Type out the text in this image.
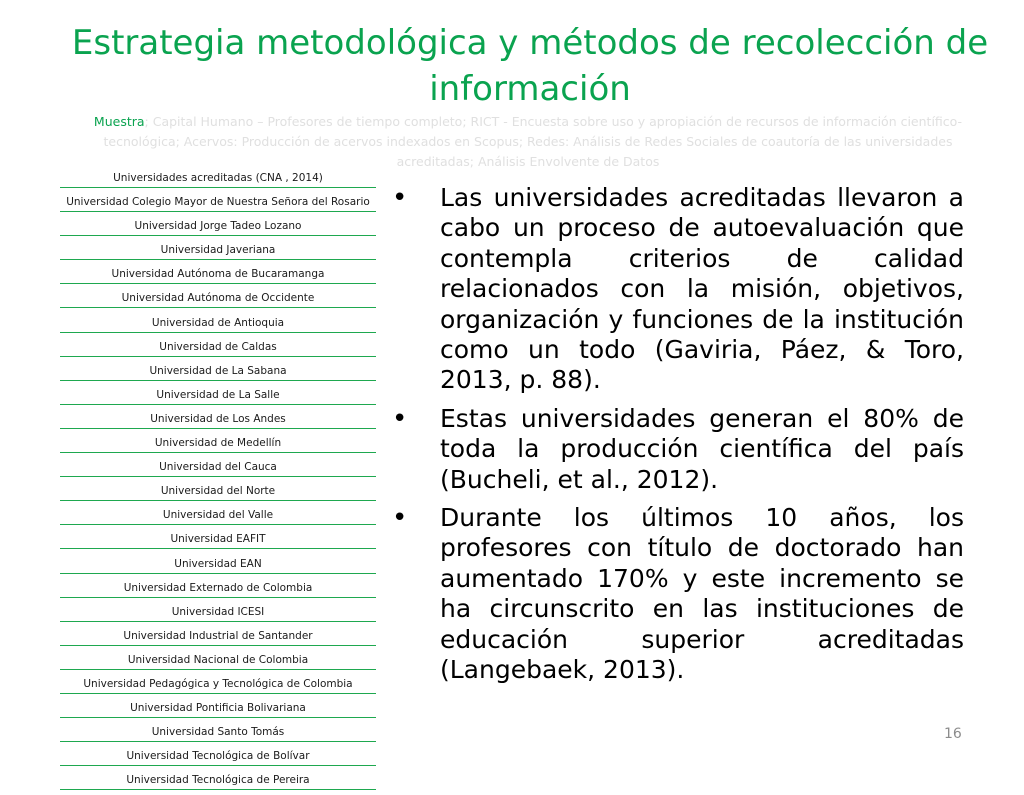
Estrategia metodológica y métodos de recolección de información
Muestra; Capital Humano – Profesores de tiempo completo; RICT - Encuesta sobre uso y apropiación de recursos de información científico-tecnológica; Acervos: Producción de acervos indexados en Scopus; Redes: Análisis de Redes Sociales de coautoría de las universidades acreditadas; Análisis Envolvente de Datos
Universidades acreditadas (CNA , 2014)
Universidad Colegio Mayor de Nuestra Señora del Rosario
Universidad Jorge Tadeo Lozano
Universidad Javeriana
Universidad Autónoma de Bucaramanga
Universidad Autónoma de Occidente
Universidad de Antioquia
Universidad de Caldas
Universidad de La Sabana
Universidad de La Salle
Universidad de Los Andes
Universidad de Medellín
Universidad del Cauca
Universidad del Norte
Universidad del Valle
Universidad EAFIT
Universidad EAN
Universidad Externado de Colombia
Universidad ICESI
Universidad Industrial de Santander
Universidad Nacional de Colombia
Universidad Pedagógica y Tecnológica de Colombia
Universidad Pontificia Bolivariana
Universidad Santo Tomás
Universidad Tecnológica de Bolívar
Universidad Tecnológica de Pereira
• Las universidades acreditadas llevaron a cabo un proceso de autoevaluación que contempla criterios de calidad relacionados con la misión, objetivos, organización y funciones de la institución como un todo (Gaviria, Páez, & Toro, 2013, p. 88).
• Estas universidades generan el 80% de toda la producción científica del país (Bucheli, et al., 2012).
• Durante los últimos 10 años, los profesores con título de doctorado han aumentado 170% y este incremento se ha circunscrito en las instituciones de educación superior acreditadas (Langebaek, 2013).
16
